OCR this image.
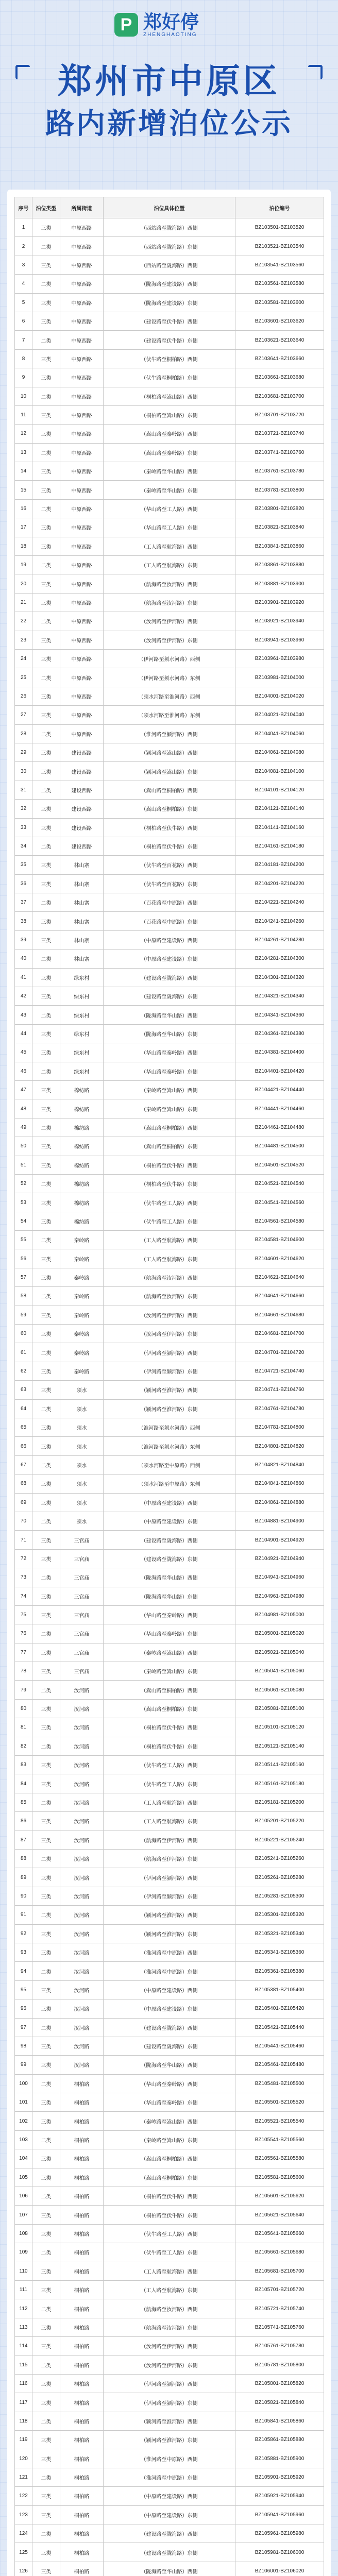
P 郑好停
ZHENGHAOTING
郑州市中原区
路内新增泊位公示
序号	泊位类型	所属街道	泊位具体位置	泊位编号
1	三类	中原西路	（西站路至陇海路）西侧	BZ103501-BZ103520
2	二类	中原西路	（西站路至陇海路）东侧	BZ103521-BZ103540
3	三类	中原西路	（西站路至陇海路）西侧	BZ103541-BZ103560
4	二类	中原西路	（陇海路至建设路）西侧	BZ103561-BZ103580
5	三类	中原西路	（陇海路至建设路）东侧	BZ103581-BZ103600
6	三类	中原西路	（建设路至伏牛路）西侧	BZ103601-BZ103620
7	二类	中原西路	（建设路至伏牛路）东侧	BZ103621-BZ103640
8	三类	中原西路	（伏牛路至桐柏路）西侧	BZ103641-BZ103660
9	三类	中原西路	（伏牛路至桐柏路）东侧	BZ103661-BZ103680
10	二类	中原西路	（桐柏路至嵩山路）西侧	BZ103681-BZ103700
11	三类	中原西路	（桐柏路至嵩山路）东侧	BZ103701-BZ103720
12	三类	中原西路	（嵩山路至秦岭路）西侧	BZ103721-BZ103740
13	二类	中原西路	（嵩山路至秦岭路）东侧	BZ103741-BZ103760
14	三类	中原西路	（秦岭路至华山路）西侧	BZ103761-BZ103780
15	三类	中原西路	（秦岭路至华山路）东侧	BZ103781-BZ103800
16	二类	中原西路	（华山路至工人路）西侧	BZ103801-BZ103820
17	三类	中原西路	（华山路至工人路）东侧	BZ103821-BZ103840
18	三类	中原西路	（工人路至航海路）西侧	BZ103841-BZ103860
19	二类	中原西路	（工人路至航海路）东侧	BZ103861-BZ103880
20	三类	中原西路	（航海路至汝河路）西侧	BZ103881-BZ103900
21	三类	中原西路	（航海路至汝河路）东侧	BZ103901-BZ103920
22	二类	中原西路	（汝河路至伊河路）西侧	BZ103921-BZ103940
23	三类	中原西路	（汝河路至伊河路）东侧	BZ103941-BZ103960
24	三类	中原西路	（伊河路至须水河路）西侧	BZ103961-BZ103980
25	二类	中原西路	（伊河路至须水河路）东侧	BZ103981-BZ104000
26	三类	中原西路	（须水河路至淮河路）西侧	BZ104001-BZ104020
27	三类	中原西路	（须水河路至淮河路）东侧	BZ104021-BZ104040
28	二类	中原西路	（淮河路至颍河路）西侧	BZ104041-BZ104060
29	三类	建设西路	（颍河路至嵩山路）西侧	BZ104061-BZ104080
30	三类	建设西路	（颍河路至嵩山路）东侧	BZ104081-BZ104100
31	二类	建设西路	（嵩山路至桐柏路）西侧	BZ104101-BZ104120
32	三类	建设西路	（嵩山路至桐柏路）东侧	BZ104121-BZ104140
33	三类	建设西路	（桐柏路至伏牛路）西侧	BZ104141-BZ104160
34	二类	建设西路	（桐柏路至伏牛路）东侧	BZ104161-BZ104180
35	三类	林山寨	（伏牛路至百花路）西侧	BZ104181-BZ104200
36	三类	林山寨	（伏牛路至百花路）东侧	BZ104201-BZ104220
37	二类	林山寨	（百花路至中原路）西侧	BZ104221-BZ104240
38	三类	林山寨	（百花路至中原路）东侧	BZ104241-BZ104260
39	三类	林山寨	（中原路至建设路）西侧	BZ104261-BZ104280
40	二类	林山寨	（中原路至建设路）东侧	BZ104281-BZ104300
41	三类	绿东村	（建设路至陇海路）西侧	BZ104301-BZ104320
42	三类	绿东村	（建设路至陇海路）东侧	BZ104321-BZ104340
43	二类	绿东村	（陇海路至华山路）西侧	BZ104341-BZ104360
44	三类	绿东村	（陇海路至华山路）东侧	BZ104361-BZ104380
45	三类	绿东村	（华山路至秦岭路）西侧	BZ104381-BZ104400
46	二类	绿东村	（华山路至秦岭路）东侧	BZ104401-BZ104420
47	三类	棉纺路	（秦岭路至嵩山路）西侧	BZ104421-BZ104440
48	三类	棉纺路	（秦岭路至嵩山路）东侧	BZ104441-BZ104460
49	二类	棉纺路	（嵩山路至桐柏路）西侧	BZ104461-BZ104480
50	三类	棉纺路	（嵩山路至桐柏路）东侧	BZ104481-BZ104500
51	三类	棉纺路	（桐柏路至伏牛路）西侧	BZ104501-BZ104520
52	二类	棉纺路	（桐柏路至伏牛路）东侧	BZ104521-BZ104540
53	三类	棉纺路	（伏牛路至工人路）西侧	BZ104541-BZ104560
54	三类	棉纺路	（伏牛路至工人路）东侧	BZ104561-BZ104580
55	二类	秦岭路	（工人路至航海路）西侧	BZ104581-BZ104600
56	三类	秦岭路	（工人路至航海路）东侧	BZ104601-BZ104620
57	三类	秦岭路	（航海路至汝河路）西侧	BZ104621-BZ104640
58	二类	秦岭路	（航海路至汝河路）东侧	BZ104641-BZ104660
59	三类	秦岭路	（汝河路至伊河路）西侧	BZ104661-BZ104680
60	三类	秦岭路	（汝河路至伊河路）东侧	BZ104681-BZ104700
61	二类	秦岭路	（伊河路至颍河路）西侧	BZ104701-BZ104720
62	三类	秦岭路	（伊河路至颍河路）东侧	BZ104721-BZ104740
63	三类	须水	（颍河路至淮河路）西侧	BZ104741-BZ104760
64	二类	须水	（颍河路至淮河路）东侧	BZ104761-BZ104780
65	三类	须水	（淮河路至须水河路）西侧	BZ104781-BZ104800
66	三类	须水	（淮河路至须水河路）东侧	BZ104801-BZ104820
67	二类	须水	（须水河路至中原路）西侧	BZ104821-BZ104840
68	三类	须水	（须水河路至中原路）东侧	BZ104841-BZ104860
69	三类	须水	（中原路至建设路）西侧	BZ104861-BZ104880
70	二类	须水	（中原路至建设路）东侧	BZ104881-BZ104900
71	三类	三官庙	（建设路至陇海路）西侧	BZ104901-BZ104920
72	三类	三官庙	（建设路至陇海路）东侧	BZ104921-BZ104940
73	二类	三官庙	（陇海路至华山路）西侧	BZ104941-BZ104960
74	三类	三官庙	（陇海路至华山路）东侧	BZ104961-BZ104980
75	三类	三官庙	（华山路至秦岭路）西侧	BZ104981-BZ105000
76	二类	三官庙	（华山路至秦岭路）东侧	BZ105001-BZ105020
77	三类	三官庙	（秦岭路至嵩山路）西侧	BZ105021-BZ105040
78	三类	三官庙	（秦岭路至嵩山路）东侧	BZ105041-BZ105060
79	二类	汝河路	（嵩山路至桐柏路）西侧	BZ105061-BZ105080
80	三类	汝河路	（嵩山路至桐柏路）东侧	BZ105081-BZ105100
81	三类	汝河路	（桐柏路至伏牛路）西侧	BZ105101-BZ105120
82	二类	汝河路	（桐柏路至伏牛路）东侧	BZ105121-BZ105140
83	三类	汝河路	（伏牛路至工人路）西侧	BZ105141-BZ105160
84	三类	汝河路	（伏牛路至工人路）东侧	BZ105161-BZ105180
85	二类	汝河路	（工人路至航海路）西侧	BZ105181-BZ105200
86	三类	汝河路	（工人路至航海路）东侧	BZ105201-BZ105220
87	三类	汝河路	（航海路至伊河路）西侧	BZ105221-BZ105240
88	二类	汝河路	（航海路至伊河路）东侧	BZ105241-BZ105260
89	三类	汝河路	（伊河路至颍河路）西侧	BZ105261-BZ105280
90	三类	汝河路	（伊河路至颍河路）东侧	BZ105281-BZ105300
91	二类	汝河路	（颍河路至淮河路）西侧	BZ105301-BZ105320
92	三类	汝河路	（颍河路至淮河路）东侧	BZ105321-BZ105340
93	三类	汝河路	（淮河路至中原路）西侧	BZ105341-BZ105360
94	二类	汝河路	（淮河路至中原路）东侧	BZ105361-BZ105380
95	三类	汝河路	（中原路至建设路）西侧	BZ105381-BZ105400
96	三类	汝河路	（中原路至建设路）东侧	BZ105401-BZ105420
97	二类	汝河路	（建设路至陇海路）西侧	BZ105421-BZ105440
98	三类	汝河路	（建设路至陇海路）东侧	BZ105441-BZ105460
99	三类	汝河路	（陇海路至华山路）西侧	BZ105461-BZ105480
100	二类	桐柏路	（华山路至秦岭路）西侧	BZ105481-BZ105500
101	三类	桐柏路	（华山路至秦岭路）东侧	BZ105501-BZ105520
102	三类	桐柏路	（秦岭路至嵩山路）西侧	BZ105521-BZ105540
103	二类	桐柏路	（秦岭路至嵩山路）东侧	BZ105541-BZ105560
104	三类	桐柏路	（嵩山路至桐柏路）西侧	BZ105561-BZ105580
105	三类	桐柏路	（嵩山路至桐柏路）东侧	BZ105581-BZ105600
106	二类	桐柏路	（桐柏路至伏牛路）西侧	BZ105601-BZ105620
107	三类	桐柏路	（桐柏路至伏牛路）东侧	BZ105621-BZ105640
108	三类	桐柏路	（伏牛路至工人路）西侧	BZ105641-BZ105660
109	二类	桐柏路	（伏牛路至工人路）东侧	BZ105661-BZ105680
110	三类	桐柏路	（工人路至航海路）西侧	BZ105681-BZ105700
111	三类	桐柏路	（工人路至航海路）东侧	BZ105701-BZ105720
112	二类	桐柏路	（航海路至汝河路）西侧	BZ105721-BZ105740
113	三类	桐柏路	（航海路至汝河路）东侧	BZ105741-BZ105760
114	三类	桐柏路	（汝河路至伊河路）西侧	BZ105761-BZ105780
115	二类	桐柏路	（汝河路至伊河路）东侧	BZ105781-BZ105800
116	三类	桐柏路	（伊河路至颍河路）西侧	BZ105801-BZ105820
117	三类	桐柏路	（伊河路至颍河路）东侧	BZ105821-BZ105840
118	二类	桐柏路	（颍河路至淮河路）西侧	BZ105841-BZ105860
119	三类	桐柏路	（颍河路至淮河路）东侧	BZ105861-BZ105880
120	三类	桐柏路	（淮河路至中原路）西侧	BZ105881-BZ105900
121	二类	桐柏路	（淮河路至中原路）东侧	BZ105901-BZ105920
122	三类	桐柏路	（中原路至建设路）西侧	BZ105921-BZ105940
123	三类	桐柏路	（中原路至建设路）东侧	BZ105941-BZ105960
124	二类	桐柏路	（建设路至陇海路）西侧	BZ105961-BZ105980
125	三类	桐柏路	（建设路至陇海路）东侧	BZ105981-BZ106000
126	三类	桐柏路	（陇海路至华山路）西侧	BZ106001-BZ106020
